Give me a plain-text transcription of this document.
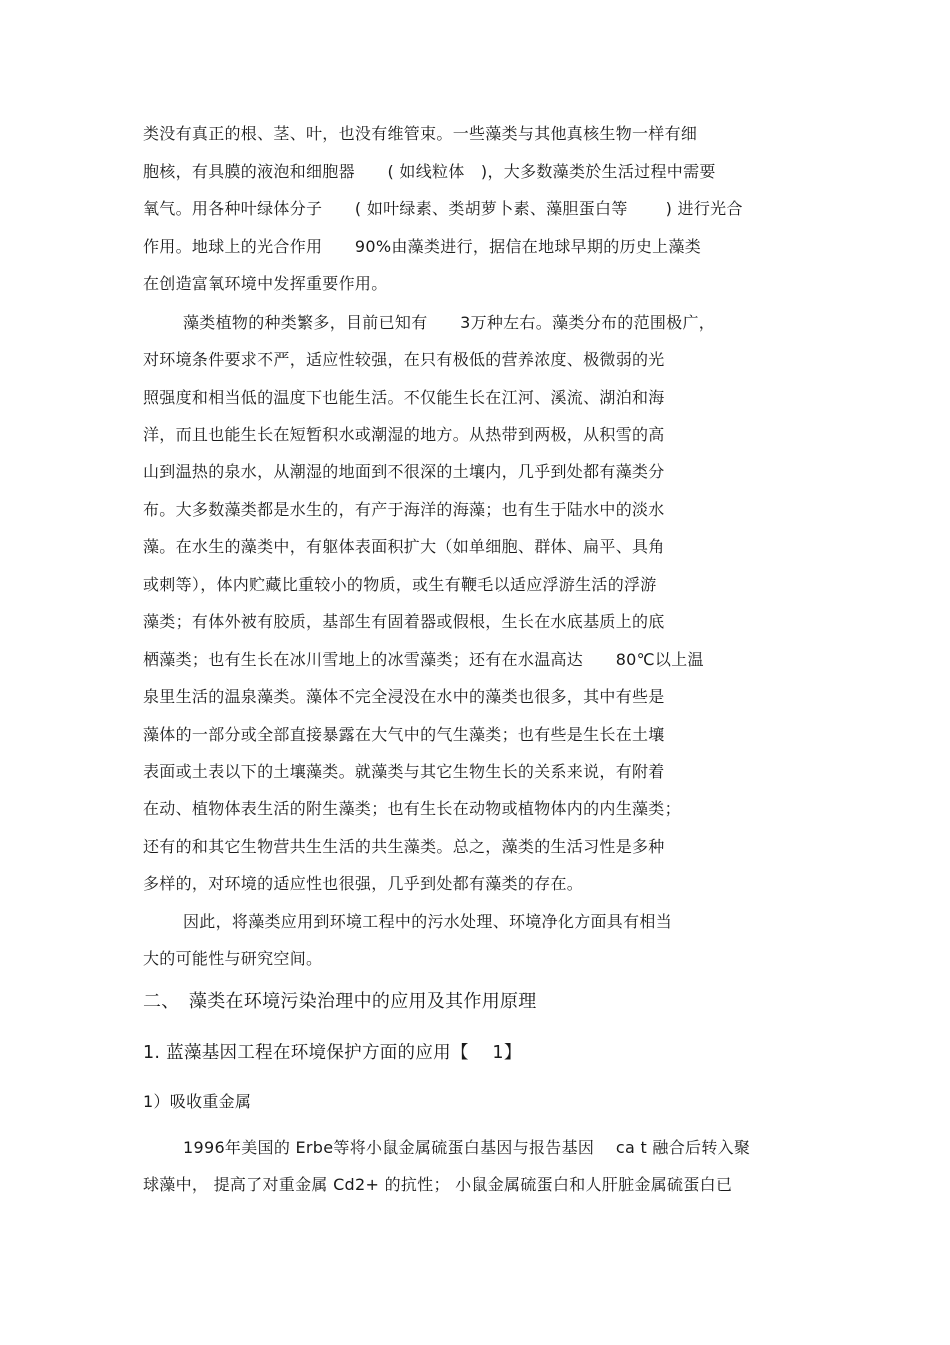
类没有真正的根、茎、叶，也没有维管束。一些藻类与其他真核生物一样有细
胞核，有具膜的液泡和细胞器　　( 如线粒体　)，大多数藻类於生活过程中需要
氧气。用各种叶绿体分子　　( 如叶绿素、类胡萝卜素、藻胆蛋白等　　 ) 进行光合
作用。地球上的光合作用　　90%由藻类进行，据信在地球早期的历史上藻类
在创造富氧环境中发挥重要作用。
藻类植物的种类繁多，目前已知有　　3万种左右。藻类分布的范围极广，
对环境条件要求不严，适应性较强，在只有极低的营养浓度、极微弱的光
照强度和相当低的温度下也能生活。不仅能生长在江河、溪流、湖泊和海
洋，而且也能生长在短暂积水或潮湿的地方。从热带到两极，从积雪的高
山到温热的泉水，从潮湿的地面到不很深的土壤内，几乎到处都有藻类分
布。大多数藻类都是水生的，有产于海洋的海藻；也有生于陆水中的淡水
藻。在水生的藻类中，有躯体表面积扩大（如单细胞、群体、扁平、具角
或刺等），体内贮藏比重较小的物质，或生有鞭毛以适应浮游生活的浮游
藻类；有体外被有胶质，基部生有固着器或假根，生长在水底基质上的底
栖藻类；也有生长在冰川雪地上的冰雪藻类；还有在水温高达　　80℃以上温
泉里生活的温泉藻类。藻体不完全浸没在水中的藻类也很多，其中有些是
藻体的一部分或全部直接暴露在大气中的气生藻类；也有些是生长在土壤
表面或土表以下的土壤藻类。就藻类与其它生物生长的关系来说，有附着
在动、植物体表生活的附生藻类；也有生长在动物或植物体内的内生藻类；
还有的和其它生物营共生生活的共生藻类。总之，藻类的生活习性是多种
多样的，对环境的适应性也很强，几乎到处都有藻类的存在。
因此，将藻类应用到环境工程中的污水处理、环境净化方面具有相当
大的可能性与研究空间。
二、　藻类在环境污染治理中的应用及其作用原理
1. 蓝藻基因工程在环境保护方面的应用【　 1】
1）吸收重金属
1996年美国的 Erbe等将小鼠金属硫蛋白基因与报告基因　 ca t 融合后转入聚
球藻中， 提高了对重金属 Cd2+ 的抗性； 小鼠金属硫蛋白和人肝脏金属硫蛋白已
